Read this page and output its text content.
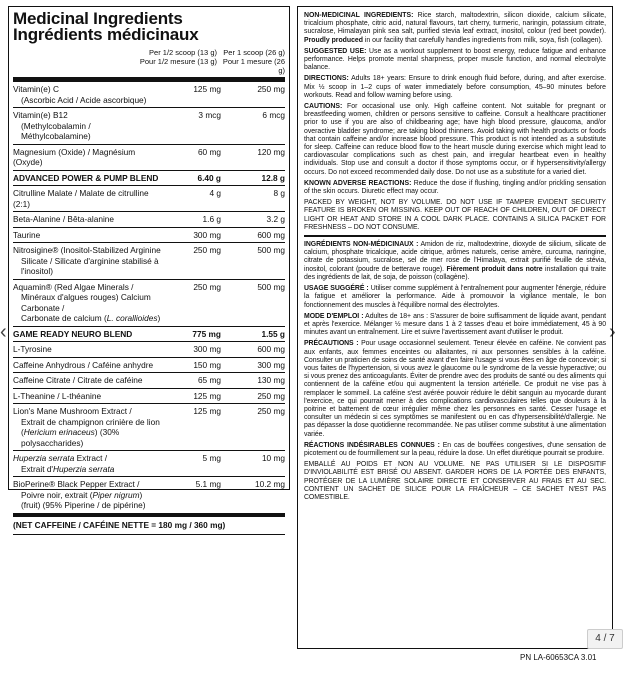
‹	›
Medicinal Ingredients
Ingrédients médicinaux
Per 1/2 scoop (13 g)
Pour 1/2 mesure (13 g)
Per 1 scoop (26 g)
Pour 1 mesure (26 g)
Vitamin(e) C
(Ascorbic Acid / Acide ascorbique)
125 mg	250 mg
Vitamin(e) B12
(Methylcobalamin / Méthylcobalamine)
3 mcg	6 mcg
Magnesium (Oxide) / Magnésium (Oxyde)
60 mg	120 mg
ADVANCED POWER & PUMP BLEND	6.40 g	12.8 g
Citrulline Malate / Malate de citrulline (2:1)
4 g	8 g
Beta-Alanine / Bêta-alanine	1.6 g	3.2 g
Taurine	300 mg	600 mg
Nitrosigine® (Inositol-Stabilized Arginine
Silicate / Silicate d'arginine stabilisé à l'inositol)
250 mg	500 mg
Aquamin® (Red Algae Minerals /
Minéraux d'algues rouges) Calcium Carbonate /
Carbonate de calcium (L. corallioides)
250 mg	500 mg
GAME READY NEURO BLEND	775 mg	1.55 g
L-Tyrosine	300 mg	600 mg
Caffeine Anhydrous / Caféine anhydre	150 mg	300 mg
Caffeine Citrate / Citrate de caféine	65 mg	130 mg
L-Theanine / L-théanine	125 mg	250 mg
Lion's Mane Mushroom Extract /
Extrait de champignon crinière de lion
(Hericium erinaceus) (30% polysaccharides)
125 mg	250 mg
Huperzia serrata Extract /
Extrait d'Huperzia serrata
5 mg	10 mg
BioPerine® Black Pepper Extract /
Poivre noir, extrait (Piper nigrum)(fruit) (95% Piperine / de pipérine)
5.1 mg	10.2 mg
(NET CAFFEINE / CAFÉINE NETTE = 180 mg / 360 mg)

NON-MEDICINAL INGREDIENTS: Rice starch, maltodextrin, silicon dioxide, calcium silicate, tricalcium phosphate, citric acid, natural flavours, tart cherry, turmeric, naringin, potassium citrate, sucralose, Himalayan pink sea salt, purified stevia leaf extract, inositol, colour (red beet powder). Proudly produced in our facility that carefully handles ingredients from milk, soya, fish (collagen).

SUGGESTED USE: Use as a workout supplement to boost energy, reduce fatigue and enhance performance. Helps promote mental sharpness, proper muscle function, and normal electrolyte balance.

DIRECTIONS: Adults 18+ years: Ensure to drink enough fluid before, during, and after exercise. Mix ½ scoop in 1–2 cups of water immediately before consumption, 45–90 minutes before workouts. Read and follow warning before using.

CAUTIONS: For occasional use only. High caffeine content. Not suitable for pregnant or breastfeeding women, children or persons sensitive to caffeine. Consult a healthcare practitioner prior to use if you are also of childbearing age; have high blood pressure, glaucoma, and/or overactive bladder syndrome; are taking blood thinners. Avoid taking with health products or foods that contain caffeine and/or increase blood pressure. This product is not intended as a substitute for sleep. Caffeine can reduce blood flow to the heart muscle during exercise which might lead to cardiovascular complications such as chest pain, and irregular heartbeat even in healthy individuals. Stop use and consult a doctor if those symptoms occur, or if hypersensitivity/allergy occurs. Do not exceed recommended daily dose. Do not use as a substitute for a varied diet.

KNOWN ADVERSE REACTIONS: Reduce the dose if flushing, tingling and/or prickling sensation of the skin occurs. Diuretic effect may occur.

PACKED BY WEIGHT, NOT BY VOLUME. DO NOT USE IF TAMPER EVIDENT SECURITY FEATURE IS BROKEN OR MISSING. KEEP OUT OF REACH OF CHILDREN, OUT OF DIRECT LIGHT OR HEAT AND STORE IN A COOL DARK PLACE. CONTAINS A SILICA PACKET FOR FRESHNESS – DO NOT CONSUME.

INGRÉDIENTS NON-MÉDICINAUX : Amidon de riz, maltodextrine, dioxyde de silicium, silicate de calcium, phosphate tricalcique, acide citrique, arômes naturels, cerise amère, curcuma, naringine, citrate de potassium, sucralose, sel de mer rose de l'Himalaya, extrait purifié feuille de stévia, inositol, colorant (poudre de betterave rouge). Fièrement produit dans notre installation qui traite des ingrédients de lait, de soja, de poisson (collagène).

USAGE SUGGÉRÉ : Utiliser comme supplément à l'entraînement pour augmenter l'énergie, réduire la fatigue et améliorer la performance. Aide à promouvoir la vigilance mentale, le bon fonctionnement des muscles à l'équilibre normal des électrolytes.

MODE D'EMPLOI : Adultes de 18+ ans : S'assurer de boire suffisamment de liquide avant, pendant et après l'exercice. Mélanger ½ mesure dans 1 à 2 tasses d'eau et boire immédiatement, 45 à 90 minutes avant un entraînement. Lire et suivre l'avertissement avant d'utiliser le produit.

PRÉCAUTIONS : Pour usage occasionnel seulement. Teneur élevée en caféine. Ne convient pas aux enfants, aux femmes enceintes ou allaitantes, ni aux personnes sensibles à la caféine. Consulter un praticien de soins de santé avant d'en faire l'usage si vous êtes en âge de concevoir; si vous faites de l'hypertension, si vous avez le glaucome ou le syndrome de la vessie hyperactive; ou si vous prenez des anticoagulants. Éviter de prendre avec des produits de santé ou des aliments qui contiennent de la caféine et/ou qui augmentent la tension artérielle. Ce produit ne vise pas à remplacer le sommeil. La caféine s'est avérée pouvoir réduire le débit sanguin au myocarde durant l'exercice, ce qui pourrait mener à des complications cardiovasculaires telles que douleurs à la poitrine et battement de cœur irrégulier même chez les personnes en santé. Cesser l'usage et consulter un médecin si ces symptômes se manifestent ou en cas d'hypersensibilité/d'allergie. Ne pas dépasser la dose quotidienne recommandée. Ne pas utiliser comme substitut à une alimentation variée.

RÉACTIONS INDÉSIRABLES CONNUES : En cas de bouffées congestives, d'une sensation de picotement ou de fourmillement sur la peau, réduire la dose. Un effet diurétique pourrait se produire.

EMBALLÉ AU POIDS ET NON AU VOLUME. NE PAS UTILISER SI LE DISPOSITIF D'INVIOLABILITÉ EST BRISÉ OU ABSENT. GARDER HORS DE LA PORTÉE DES ENFANTS, PROTÉGER DE LA LUMIÈRE SOLAIRE DIRECTE ET CONSERVER AU FRAIS ET AU SEC. CONTIENT UN SACHET DE SILICE POUR LA FRAÎCHEUR – CE SACHET N'EST PAS COMESTIBLE.

4 / 7
PN LA-60653CA 3.01
